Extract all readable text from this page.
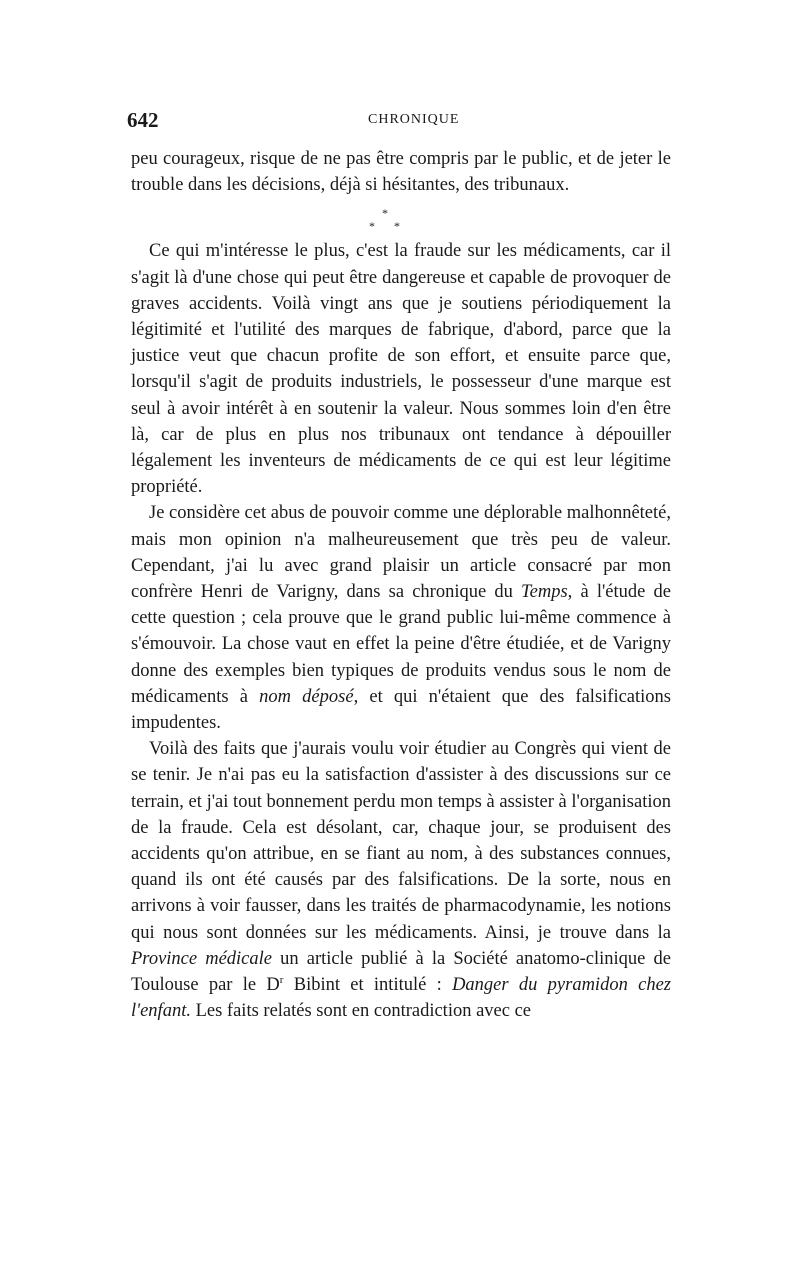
642	CHRONIQUE

peu courageux, risque de ne pas être compris par le public, et de jeter le trouble dans les décisions, déjà si hésitantes, des tribunaux.

*
* *

Ce qui m'intéresse le plus, c'est la fraude sur les médicaments, car il s'agit là d'une chose qui peut être dangereuse et capable de provoquer de graves accidents. Voilà vingt ans que je soutiens périodiquement la légitimité et l'utilité des marques de fabrique, d'abord, parce que la justice veut que chacun profite de son effort, et ensuite parce que, lorsqu'il s'agit de produits industriels, le possesseur d'une marque est seul à avoir intérêt à en soutenir la valeur. Nous sommes loin d'en être là, car de plus en plus nos tribunaux ont tendance à dépouiller légalement les inventeurs de médicaments de ce qui est leur légitime propriété.

Je considère cet abus de pouvoir comme une déplorable malhonnêteté, mais mon opinion n'a malheureusement que très peu de valeur. Cependant, j'ai lu avec grand plaisir un article consacré par mon confrère Henri de Varigny, dans sa chronique du Temps, à l'étude de cette question ; cela prouve que le grand public lui-même commence à s'émouvoir. La chose vaut en effet la peine d'être étudiée, et de Varigny donne des exemples bien typiques de produits vendus sous le nom de médicaments à nom déposé, et qui n'étaient que des falsifications impudentes.

Voilà des faits que j'aurais voulu voir étudier au Congrès qui vient de se tenir. Je n'ai pas eu la satisfaction d'assister à des discussions sur ce terrain, et j'ai tout bonnement perdu mon temps à assister à l'organisation de la fraude. Cela est désolant, car, chaque jour, se produisent des accidents qu'on attribue, en se fiant au nom, à des substances connues, quand ils ont été causés par des falsifications. De la sorte, nous en arrivons à voir fausser, dans les traités de pharmacodynamie, les notions qui nous sont données sur les médicaments. Ainsi, je trouve dans la Province médicale un article publié à la Société anatomo-clinique de Toulouse par le $D^r$ Bibint et intitulé : Danger du pyramidon chez l'enfant. Les faits relatés sont en contradiction avec ce
